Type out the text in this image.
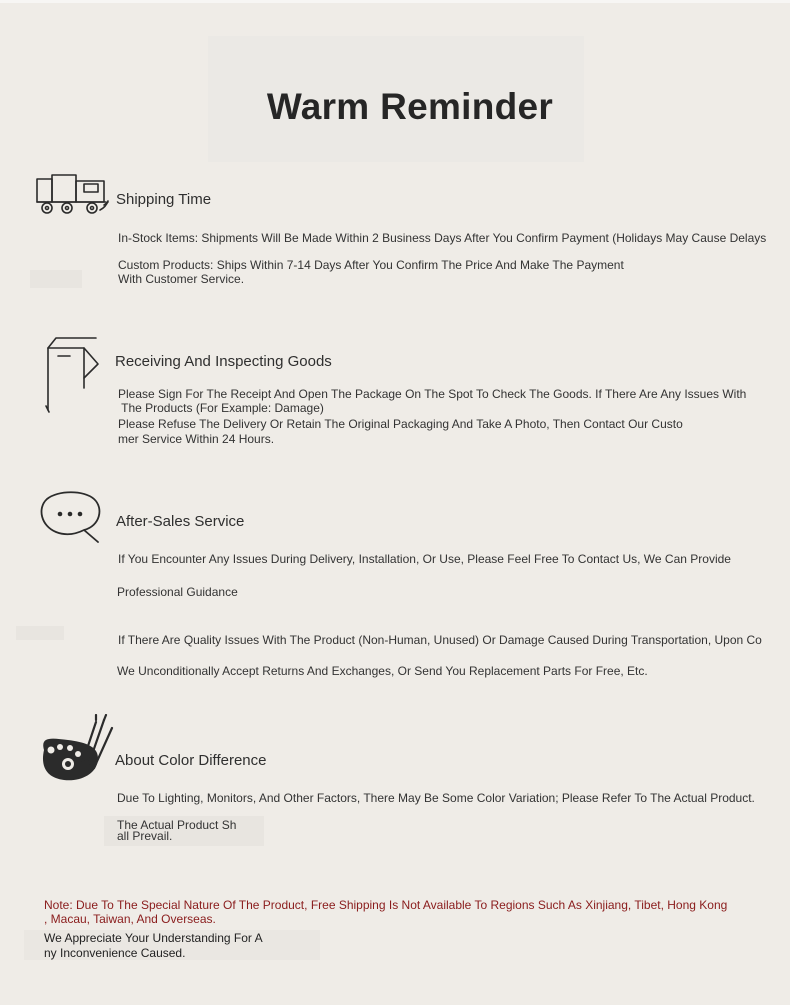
Warm Reminder
Shipping Time
In-Stock Items: Shipments Will Be Made Within 2 Business Days After You Confirm Payment (Holidays May Cause Delays
Custom Products: Ships Within 7-14 Days After You Confirm The Price And Make The Payment
With Customer Service.
Receiving And Inspecting Goods
Please Sign For The Receipt And Open The Package On The Spot To Check The Goods. If There Are Any Issues With
The Products (For Example: Damage)
Please Refuse The Delivery Or Retain The Original Packaging And Take A Photo, Then Contact Our Custo
mer Service Within 24 Hours.
After-Sales Service
If You Encounter Any Issues During Delivery, Installation, Or Use, Please Feel Free To Contact Us, We Can Provide
Professional Guidance
If There Are Quality Issues With The Product (Non-Human, Unused) Or Damage Caused During Transportation, Upon Co
We Unconditionally Accept Returns And Exchanges, Or Send You Replacement Parts For Free, Etc.
About Color Difference
Due To Lighting, Monitors, And Other Factors, There May Be Some Color Variation; Please Refer To The Actual Product.
The Actual Product Sh
all Prevail.
Note: Due To The Special Nature Of The Product, Free Shipping Is Not Available To Regions Such As Xinjiang, Tibet, Hong Kong
, Macau, Taiwan, And Overseas.
We Appreciate Your Understanding For A
ny Inconvenience Caused.
